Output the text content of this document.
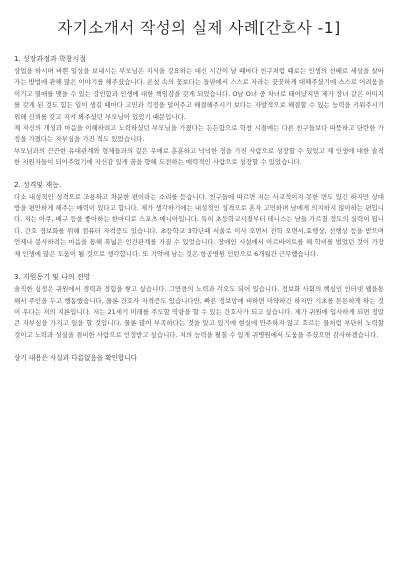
자기소개서 작성의 실제 사례[간호사 -1]
1. 성장과정과 학창시절

상업을 하시며 바쁜 일상을 보내시는 부모님은 지식을 강요하는 대신 시간이 날 때마다 친구처럼 때로는 인생의 선배로 세상을 살아가는 방법에 관해 많은 이야기를 해주셨습니다. 온실 속의 꽃보다는 들판에서 스스로 자라는 꿋꿋하게 대해주셨기에 스스로 어려움을 이기고 열매를 맺을 수 있는 강인함과 인생에 대한 책임감을 갖게 되었습니다. O남 O녀 중 차녀로 태어났지만 제가 장녀 같은 이미지를 갖게 된 것도 힘든 일이 생길 때마다 고민과 걱정을 덜어주고 해결해주시기 보다는 자발적으로 해결할 수 있는 능력을 키워주시기 위해 신뢰를 갖고 지켜 봐주셨던 부모님이 있었기 때문입니다.

제 자신의 개성과 마음을 이해하려고 노력하셨던 부모님을 가졌다는 든든함으로 학창 시절에는 다른 친구들보다 따뜻하고 단란한 가정을 가졌다는 자부심을 가진 적도 있었습니다.

부모님과의 끈끈한 유대관계와 형제들과의 깊은 우애로 훈훈하고 넉넉한 정을 가진 사람으로 성장할 수 있었고 제 인생에 대한 솔직한 지원자들이 되어주었기에 자신감 있게 꿈을 향해 도전하는 매력적인 사람으로 성장할 수 있었습니다.

2. 성격및 재능.

다소 내성적인 성격으로 조용하고 차분한 편이라는 소리를 듣습니다. 친구들에 따르면 저는 사교적이지 못한 면도 있긴 하지만 상대방을 편안하게 해주는 매력이 있다고 합니다. 제가 생각하기에는 내성적인 성격으로 혼자 고민하며 남에게 의지하지 않아하는 편입니다. 저는 아쿠, 배구 등을 좋아하는 한마디로 스포츠 매니아입니다. 특히 초등학교시절부터 테니스는 남들 가르칠 정도의 실력이 됩니다. 간호 정보화를 위해 컴퓨터 자격증도 있습니다. 초등학교 3학년때 서울로 이사 오면서 전학 오면서,효행상, 선행상 등을 받으며 언제나 봉사하려는 마음을 통해 폭넓은 인간관계를 가질 수 있었습니다. 장애인 시설에서 아르바이트를 해 학비를 벌었던 것이 가장 제 인생에 많은 도움이 될 것으로 생각합니다. 또 기억에 남는 것은 항공병원 인턴으로 6개월간 근무했습니다.

3. 지원동기 및 나의 전망

솔직한 심정은 귀원에서 경력과 경험을 쌓고 싶습니다. 그만큼의 노력과 각오도 되어 있습니다. 정보화 사회의 핵심인 인터넷 웹을통해서 주인을 두고 행동했습니다. 물론 간호사 자격증도 있습니다만, 빠른 정보망에 비하면 미약하긴 하지만 기초를 튼튼하게 하는 것이 우다는 저의 지론입니다. 저는 21세기 미래를 주도할 역량을 할 수 있는 간호사가 되고 싶습니다. 제가 귀원에 입사하게 되면 정말 큰 자부심을 가지고 일을 할 것입니다. 물론 많이 부족하다는 것을 알고 있기에 현실에 안주하지 않고 흐르는 물처럼 부단히 노력할 것이고 노력과 성실을 겸비한 사람으로 인정받고 싶습니다. 저의 능력을 펼칠 수 있게 귀병원에서 도움을 주셨으면 감사하겠습니다.

상기 내용은 사실과 다름없음을 확인합니다
